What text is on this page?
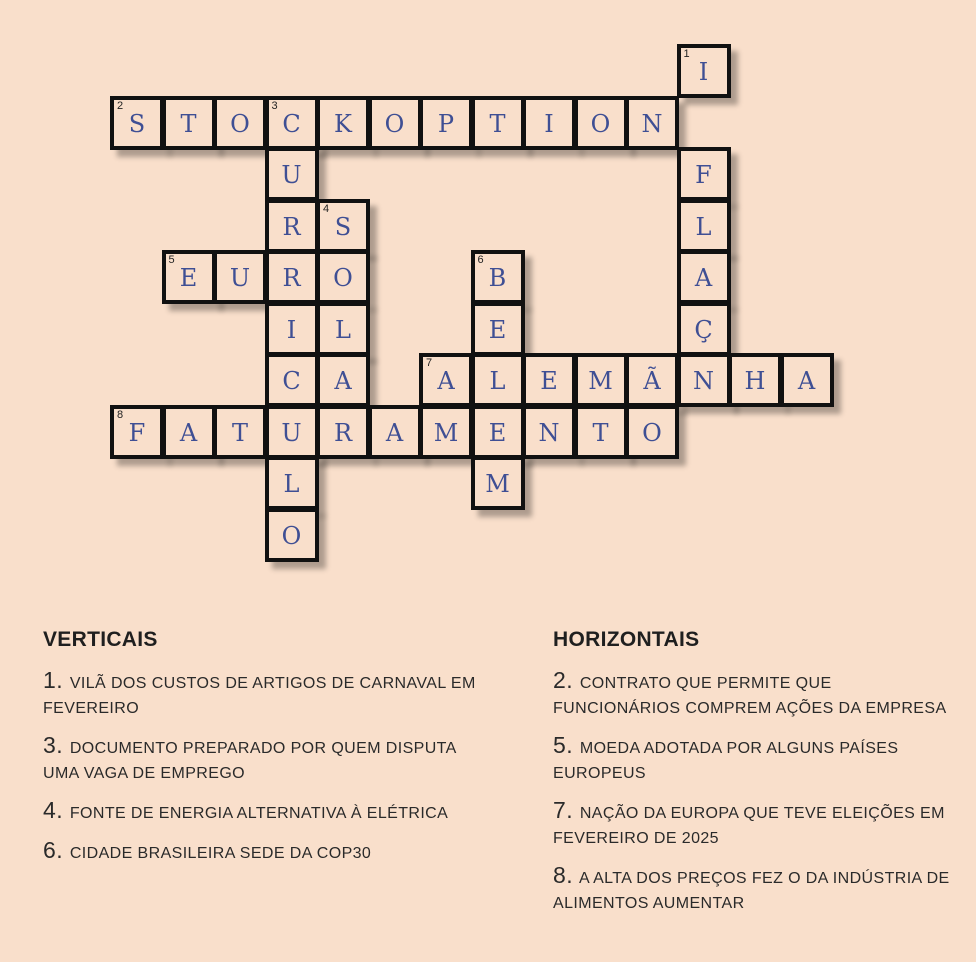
1
I
2
S	T	O
3
C	K	O	P	T	I	O	N
U	F
R
4
S	L
5
E	U	R	O
6
B	A
I	L	E	Ç
C	A
7
A	L	E	M	Ã	N	H	A
8
F	A	T	U	R	A	M	E	N	T	O
L	M
O
VERTICAIS
1. VILÃ DOS CUSTOS DE ARTIGOS DE CARNAVAL EM FEVEREIRO
3. DOCUMENTO PREPARADO POR QUEM DISPUTA UMA VAGA DE EMPREGO
4. FONTE DE ENERGIA ALTERNATIVA À ELÉTRICA
6. CIDADE BRASILEIRA SEDE DA COP30
HORIZONTAIS
2. CONTRATO QUE PERMITE QUE FUNCIONÁRIOS COMPREM AÇÕES DA EMPRESA
5. MOEDA ADOTADA POR ALGUNS PAÍSES EUROPEUS
7. NAÇÃO DA EUROPA QUE TEVE ELEIÇÕES EM FEVEREIRO DE 2025
8. A ALTA DOS PREÇOS FEZ O DA INDÚSTRIA DE ALIMENTOS AUMENTAR
